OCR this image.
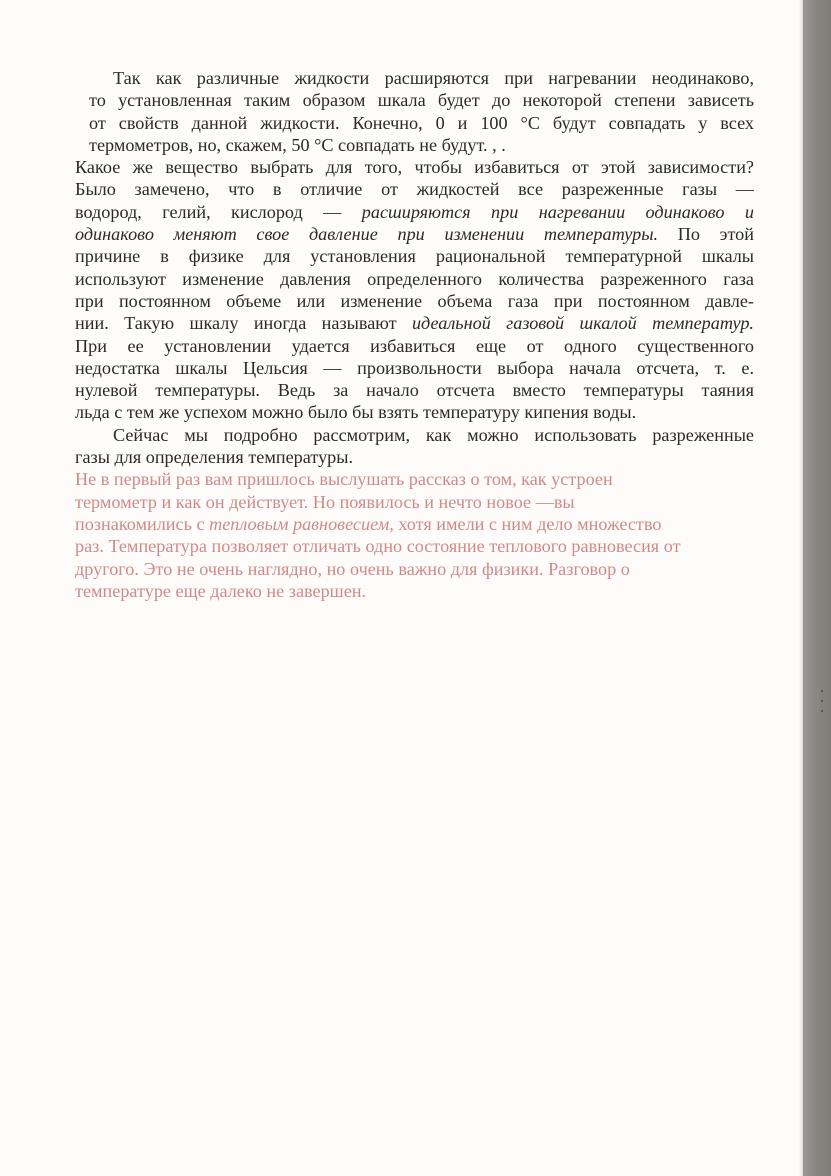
Так как различные жидкости расширяются при нагревании неодинаково,
то установленная таким образом шкала будет до некоторой степени зависеть
от свойств данной жидкости. Конечно, 0 и 100 °С будут совпадать у всех
термометров, но, скажем, 50 °С совпадать не будут. , .
Какое же вещество выбрать для того, чтобы избавиться от этой зависимости?
Было замечено, что в отличие от жидкостей все разреженные газы —
водород, гелий, кислород — расширяются при нагревании одинаково и
одинаково меняют свое давление при изменении температуры. По этой
причине в физике для установления рациональной температурной шкалы
используют изменение давления определенного количества разреженного газа
при постоянном объеме или изменение объема газа при постоянном давле-
нии. Такую шкалу иногда называют идеальной газовой шкалой температур.
При ее установлении удается избавиться еще от одного существенного
недостатка шкалы Цельсия — произвольности выбора начала отсчета, т. е.
нулевой температуры. Ведь за начало отсчета вместо температуры таяния
льда с тем же успехом можно было бы взять температуру кипения воды.
Сейчас мы подробно рассмотрим, как можно использовать разреженные
газы для определения температуры.
Не в первый раз вам пришлось выслушать рассказ о том, как устроен
термометр и как он действует. Но появилось и нечто новое —вы
познакомились с тепловым равновесием, хотя имели с ним дело множество
раз. Температура позволяет отличать одно состояние теплового равновесия от
другого. Это не очень наглядно, но очень важно для физики. Разговор о
температуре еще далеко не завершен.
